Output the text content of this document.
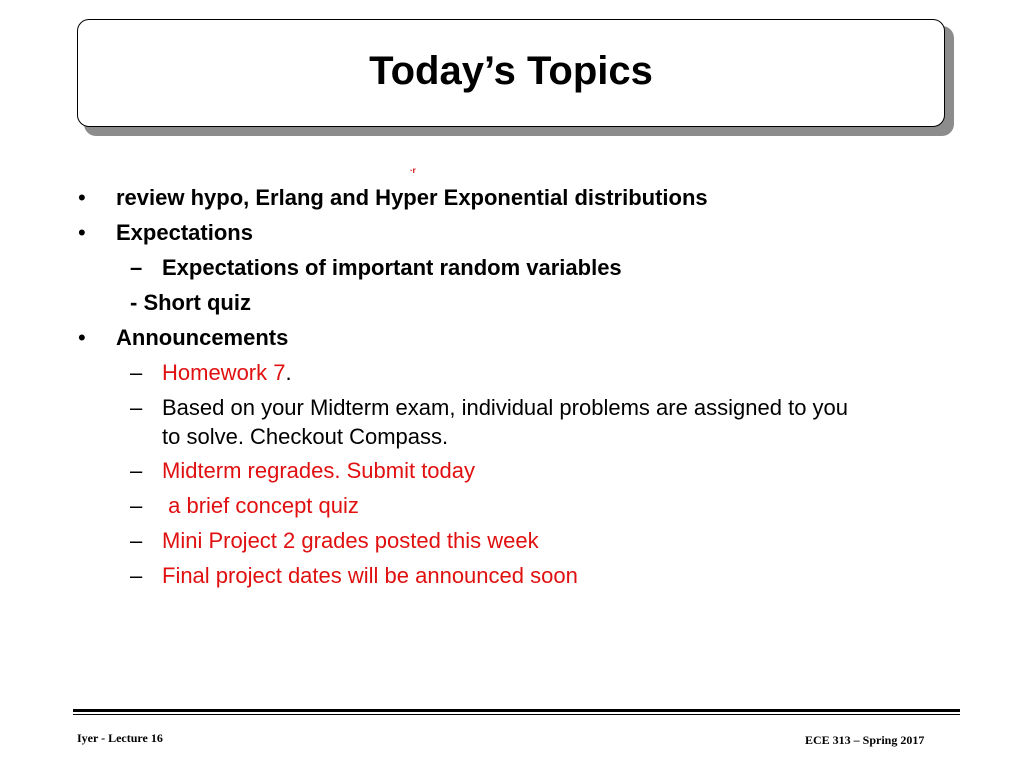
Today’s Topics
·r
• review hypo, Erlang and Hyper Exponential distributions
• Expectations
– Expectations of important random variables
- Short quiz
• Announcements
– Homework 7.
– Based on your Midterm exam, individual problems are assigned to you
to solve. Checkout Compass.
– Midterm regrades. Submit today
– a brief concept quiz
– Mini Project 2 grades posted this week
– Final project dates will be announced soon
Iyer - Lecture 16	ECE 313 – Spring 2017
